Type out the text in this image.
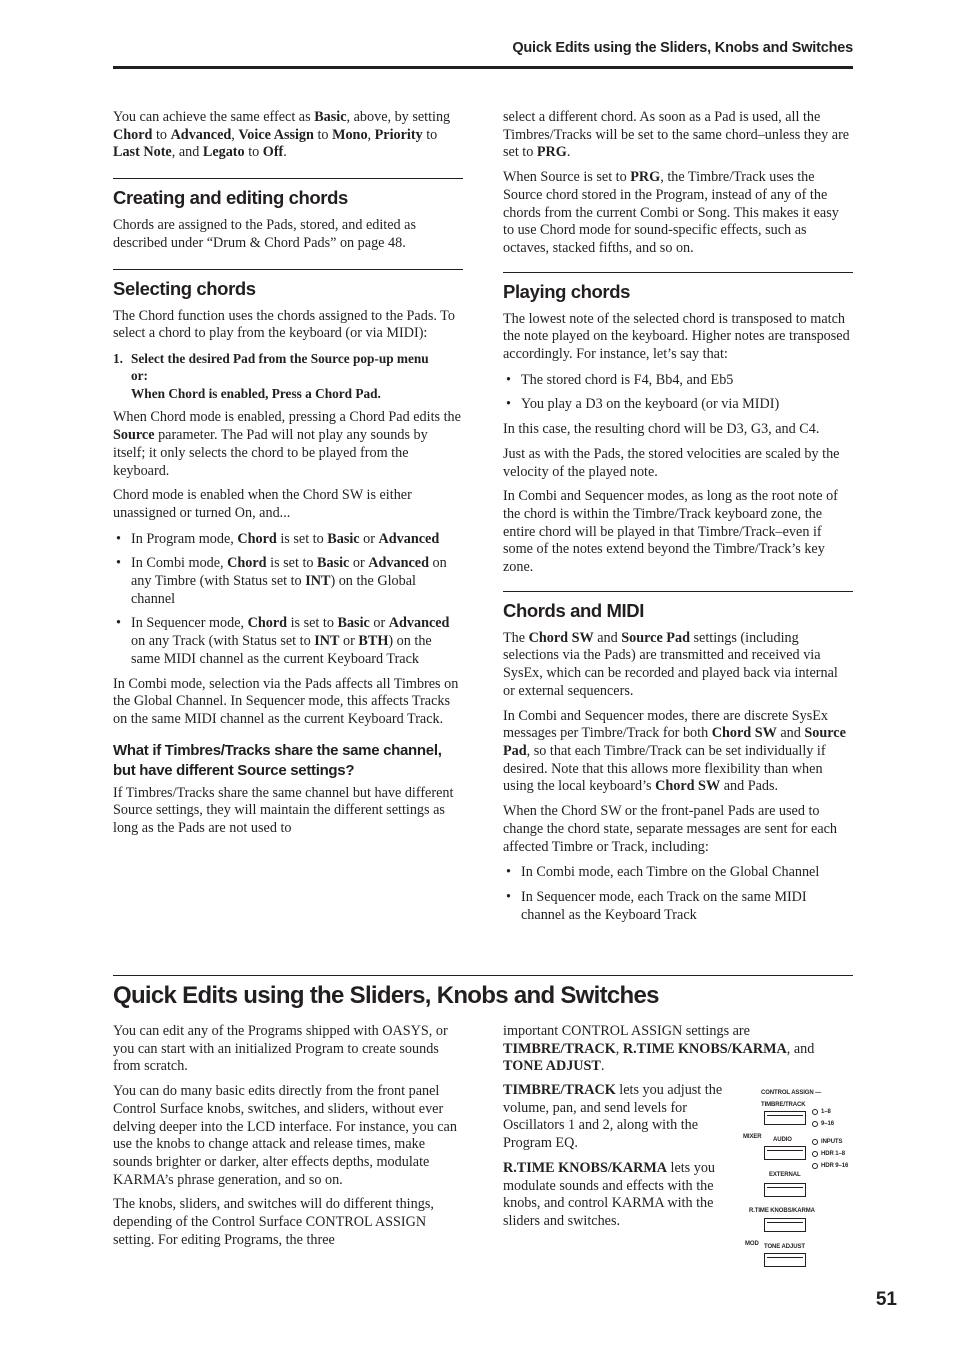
Quick Edits using the Sliders, Knobs and Switches

You can achieve the same effect as Basic, above, by setting Chord to Advanced, Voice Assign to Mono, Priority to Last Note, and Legato to Off.

Creating and editing chords

Chords are assigned to the Pads, stored, and edited as described under “Drum & Chord Pads” on page 48.

Selecting chords

The Chord function uses the chords assigned to the Pads. To select a chord to play from the keyboard (or via MIDI):

1. Select the desired Pad from the Source pop-up menu
or:
When Chord is enabled, Press a Chord Pad.

When Chord mode is enabled, pressing a Chord Pad edits the Source parameter. The Pad will not play any sounds by itself; it only selects the chord to be played from the keyboard.

Chord mode is enabled when the Chord SW is either unassigned or turned On, and...

• In Program mode, Chord is set to Basic or Advanced
• In Combi mode, Chord is set to Basic or Advanced on any Timbre (with Status set to INT) on the Global channel
• In Sequencer mode, Chord is set to Basic or Advanced on any Track (with Status set to INT or BTH) on the same MIDI channel as the current Keyboard Track

In Combi mode, selection via the Pads affects all Timbres on the Global Channel. In Sequencer mode, this affects Tracks on the same MIDI channel as the current Keyboard Track.

What if Timbres/Tracks share the same channel, but have different Source settings?

If Timbres/Tracks share the same channel but have different Source settings, they will maintain the different settings as long as the Pads are not used to

select a different chord. As soon as a Pad is used, all the Timbres/Tracks will be set to the same chord–unless they are set to PRG.

When Source is set to PRG, the Timbre/Track uses the Source chord stored in the Program, instead of any of the chords from the current Combi or Song. This makes it easy to use Chord mode for sound-specific effects, such as octaves, stacked fifths, and so on.

Playing chords

The lowest note of the selected chord is transposed to match the note played on the keyboard. Higher notes are transposed accordingly. For instance, let’s say that:

• The stored chord is F4, Bb4, and Eb5
• You play a D3 on the keyboard (or via MIDI)

In this case, the resulting chord will be D3, G3, and C4.

Just as with the Pads, the stored velocities are scaled by the velocity of the played note.

In Combi and Sequencer modes, as long as the root note of the chord is within the Timbre/Track keyboard zone, the entire chord will be played in that Timbre/Track–even if some of the notes extend beyond the Timbre/Track’s key zone.

Chords and MIDI

The Chord SW and Source Pad settings (including selections via the Pads) are transmitted and received via SysEx, which can be recorded and played back via internal or external sequencers.

In Combi and Sequencer modes, there are discrete SysEx messages per Timbre/Track for both Chord SW and Source Pad, so that each Timbre/Track can be set individually if desired. Note that this allows more flexibility than when using the local keyboard’s Chord SW and Pads.

When the Chord SW or the front-panel Pads are used to change the chord state, separate messages are sent for each affected Timbre or Track, including:

• In Combi mode, each Timbre on the Global Channel
• In Sequencer mode, each Track on the same MIDI channel as the Keyboard Track
Quick Edits using the Sliders, Knobs and Switches

You can edit any of the Programs shipped with OASYS, or you can start with an initialized Program to create sounds from scratch.

You can do many basic edits directly from the front panel Control Surface knobs, switches, and sliders, without ever delving deeper into the LCD interface. For instance, you can use the knobs to change attack and release times, make sounds brighter or darker, alter effects depths, modulate KARMA’s phrase generation, and so on.

The knobs, sliders, and switches will do different things, depending of the Control Surface CONTROL ASSIGN setting. For editing Programs, the three

important CONTROL ASSIGN settings are TIMBRE/TRACK, R.TIME KNOBS/KARMA, and TONE ADJUST.

TIMBRE/TRACK lets you adjust the volume, pan, and send levels for Oscillators 1 and 2, along with the Program EQ.

R.TIME KNOBS/KARMA lets you modulate sounds and effects with the knobs, and control KARMA with the sliders and switches.

CONTROL ASSIGN —
TIMBRE/TRACK
MIXER AUDIO
EXTERNAL
1–8
9–16
INPUTS
HDR 1–8
HDR 9–16
R.TIME KNOBS/KARMA
MOD TONE ADJUST
51
